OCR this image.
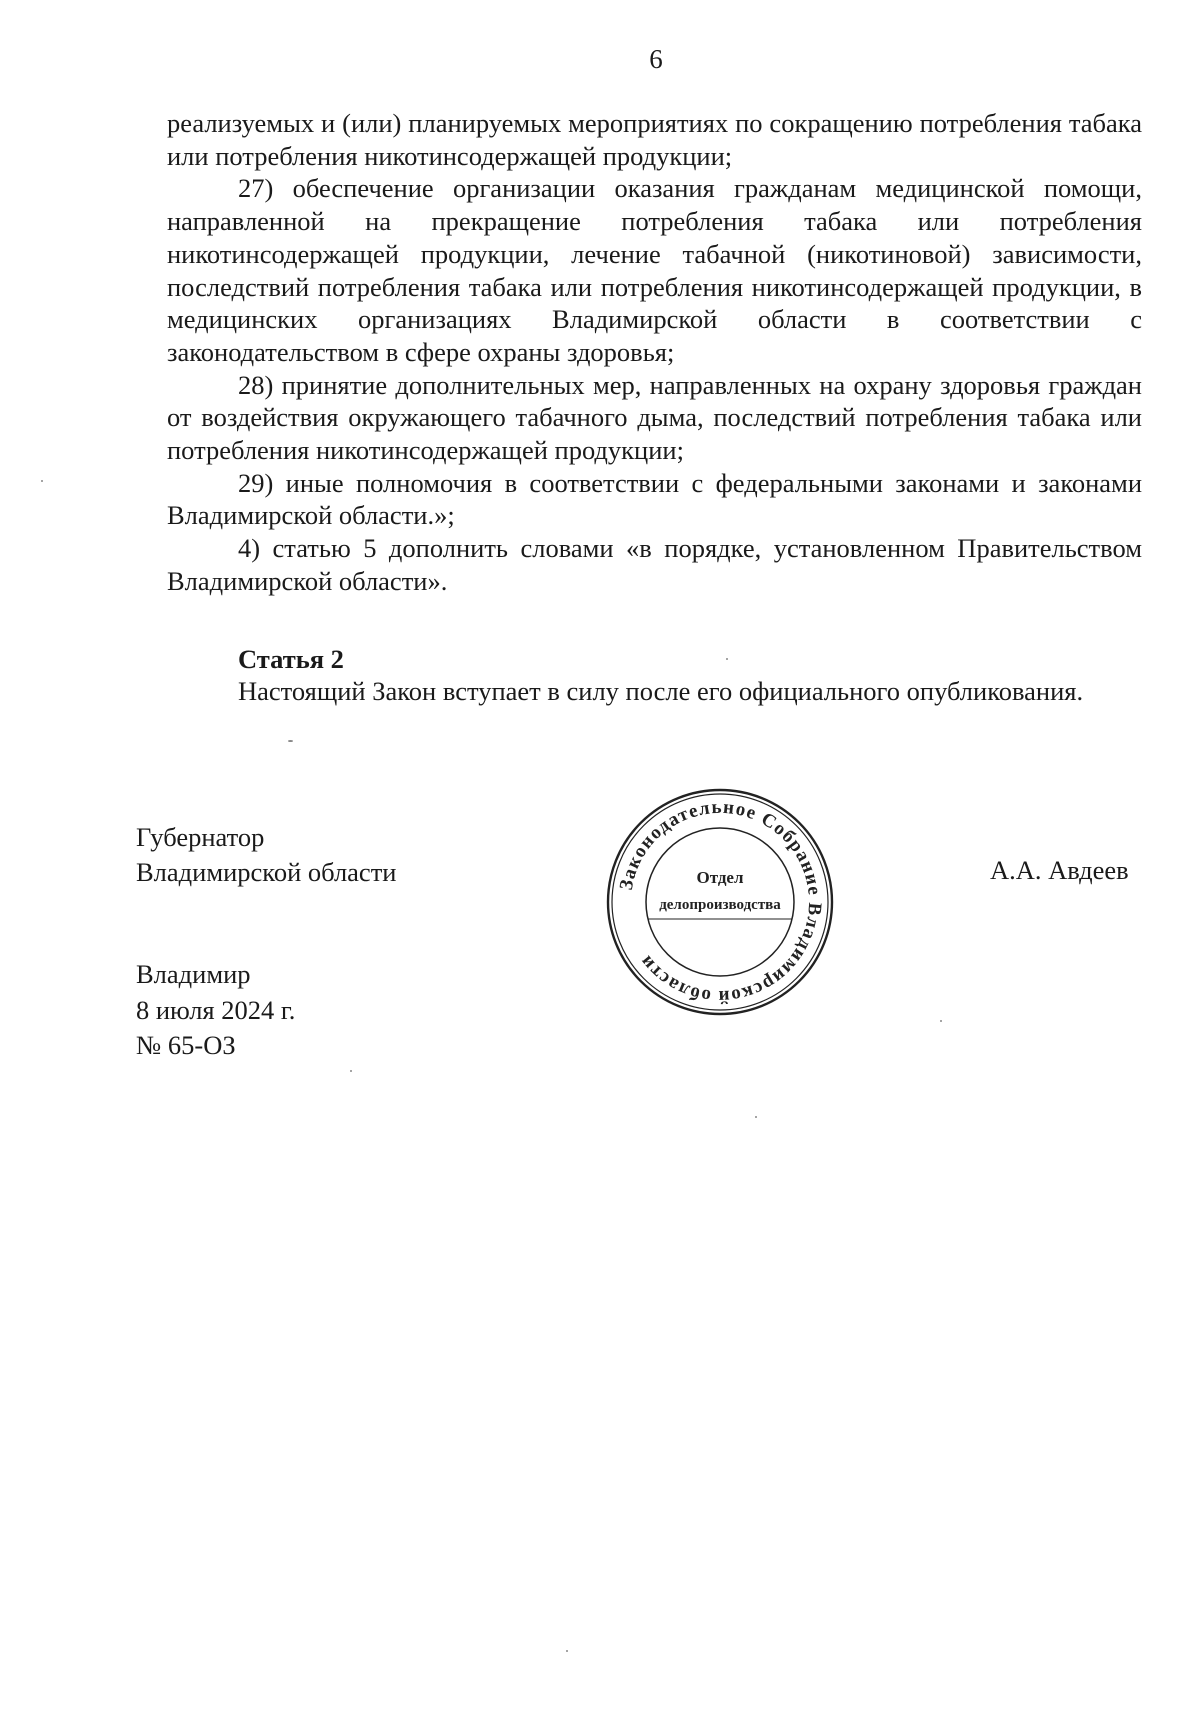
6

реализуемых и (или) планируемых мероприятиях по сокращению потребления табака или потребления никотинсодержащей продукции;

27) обеспечение организации оказания гражданам медицинской помощи, направленной на прекращение потребления табака или потребления никотинсодержащей продукции, лечение табачной (никотиновой) зависимости, последствий потребления табака или потребления никотинсодержащей продукции, в медицинских организациях Владимирской области в соответствии с законодательством в сфере охраны здоровья;

28) принятие дополнительных мер, направленных на охрану здоровья граждан от воздействия окружающего табачного дыма, последствий потребления табака или потребления никотинсодержащей продукции;

29) иные полномочия в соответствии с федеральными законами и законами Владимирской области.»;

4) статью 5 дополнить словами «в порядке, установленном Правительством Владимирской области».

Статья 2

Настоящий Закон вступает в силу после его официального опубликования.

Губернатор
Владимирской области	А.А. Авдеев
Владимир
8 июля 2024 г.
№ 65-ОЗ
Законодательное Собрание Владимирской области
Отдел
делопроизводства
